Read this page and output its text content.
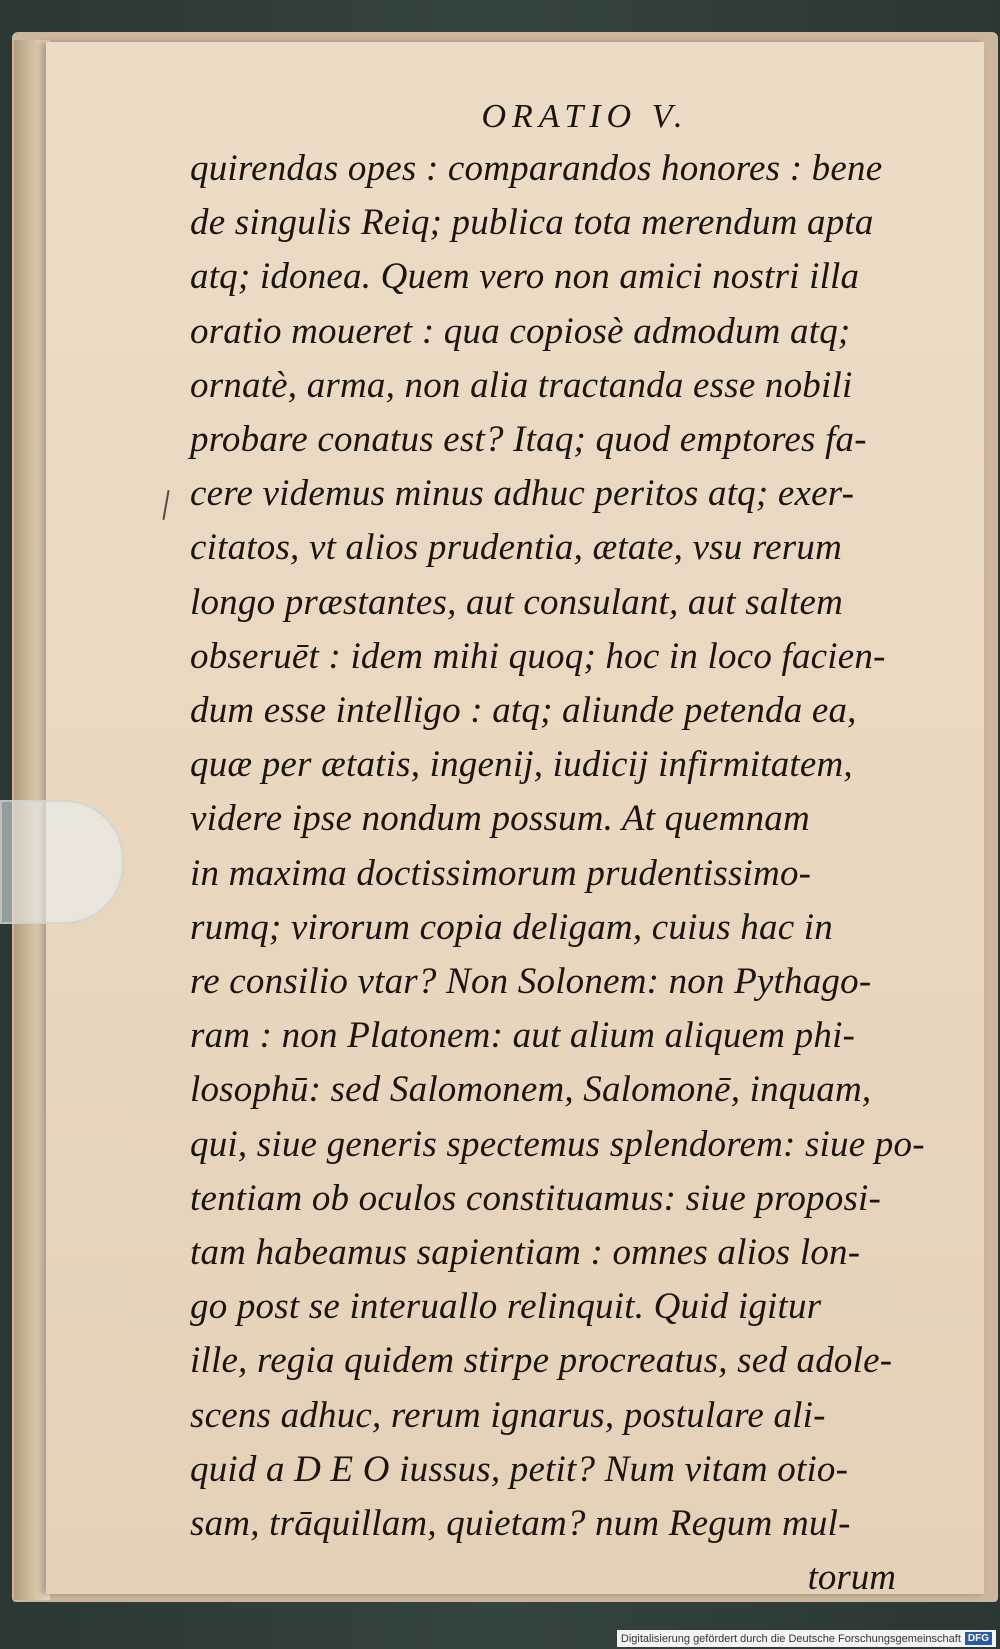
ORATIO V.
quirendas opes : comparandos honores : bene
de singulis Reiq; publica tota merendum apta
atq; idonea. Quem vero non amici nostri illa
oratio moueret : qua copiosè admodum atq;
ornatè, arma, non alia tractanda esse nobili
probare conatus est? Itaq; quod emptores fa-
cere videmus minus adhuc peritos atq; exer-
citatos, vt alios prudentia, ætate, vsu rerum
longo præstantes, aut consulant, aut saltem
obseruēt : idem mihi quoq; hoc in loco facien-
dum esse intelligo : atq; aliunde petenda ea,
quæ per ætatis, ingenij, iudicij infirmitatem,
videre ipse nondum possum. At quemnam
in maxima doctissimorum prudentissimo-
rumq; virorum copia deligam, cuius hac in
re consilio vtar? Non Solonem: non Pythago-
ram : non Platonem: aut alium aliquem phi-
losophū: sed Salomonem, Salomonē, inquam,
qui, siue generis spectemus splendorem: siue po-
tentiam ob oculos constituamus: siue proposi-
tam habeamus sapientiam : omnes alios lon-
go post se interuallo relinquit. Quid igitur
ille, regia quidem stirpe procreatus, sed adole-
scens adhuc, rerum ignarus, postulare ali-
quid a D E O iussus, petit? Num vitam otio-
sam, trāquillam, quietam? num Regum mul-
torum
Digitalisierung gefördert durch die Deutsche Forschungsgemeinschaft DFG
